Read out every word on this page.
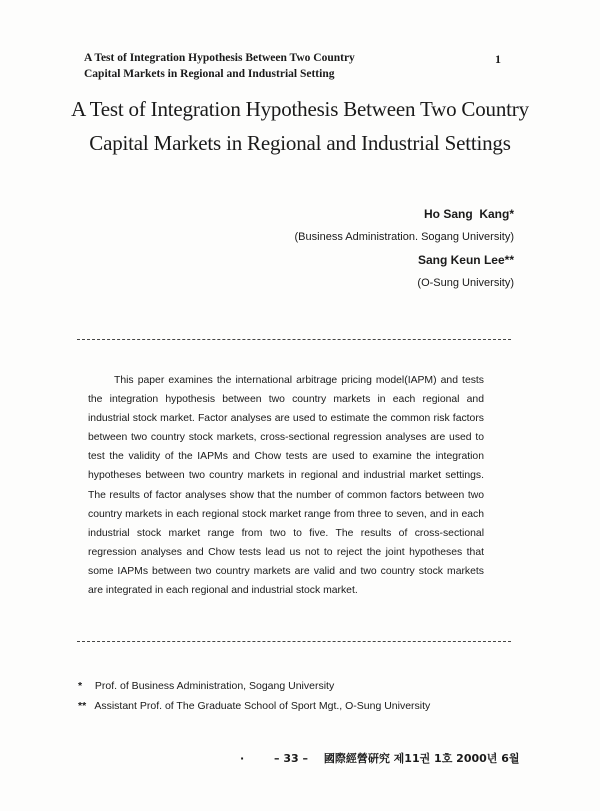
A Test of Integration Hypothesis Between Two Country
Capital Markets in Regional and Industrial Setting
1
A Test of Integration Hypothesis Between Two Country
Capital Markets in Regional and Industrial Settings
Ho Sang  Kang*
(Business Administration. Sogang University)
Sang Keun Lee**
(O-Sung University)

This paper examines the international arbitrage pricing model(IAPM) and tests the integration hypothesis between two country markets in each regional and industrial stock market. Factor analyses are used to estimate the common risk factors between two country stock markets, cross-sectional regression analyses are used to test the validity of the IAPMs and Chow tests are used to examine the integration hypotheses between two country markets in regional and industrial market settings. The results of factor analyses show that the number of common factors between two country markets in each regional stock market range from three to seven, and in each industrial stock market range from two to five. The results of cross-sectional regression analyses and Chow tests lead us not to reject the joint hypotheses that some IAPMs between two country markets are valid and two country stock markets are integrated in each regional and industrial stock market.

* Prof. of Business Administration, Sogang University
** Assistant Prof. of The Graduate School of Sport Mgt., O-Sung University
·	– 33 – 國際經營硏究 제11권 1호 2000년 6월
